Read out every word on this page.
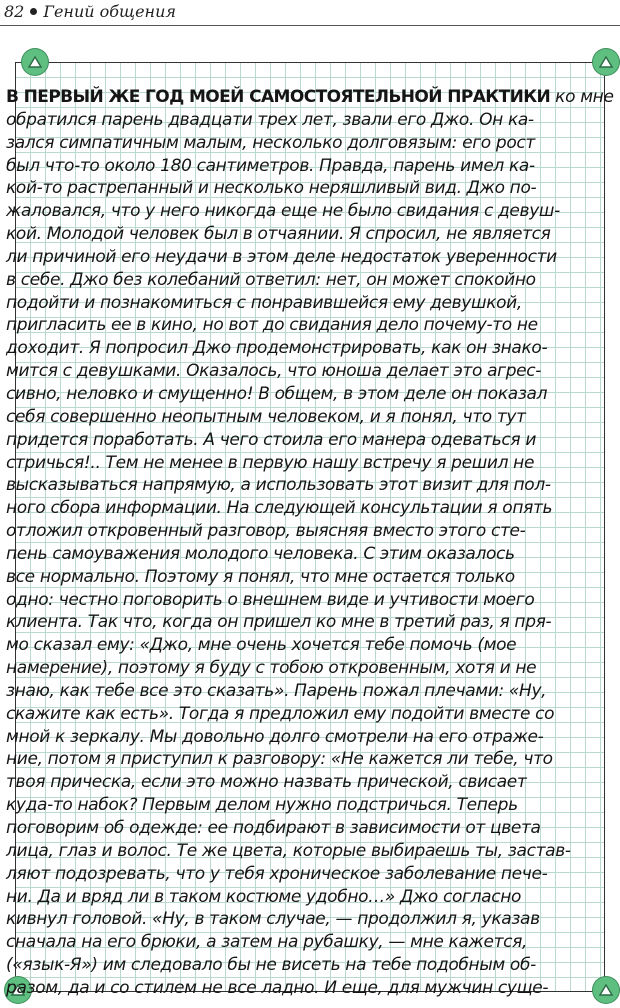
82 Гений общения
В ПЕРВЫЙ ЖЕ ГОД МОЕЙ САМОСТОЯТЕЛЬНОЙ ПРАКТИКИ ко мне
обратился парень двадцати трех лет, звали его Джо. Он ка-
зался симпатичным малым, несколько долговязым: его рост
был что-то около 180 сантиметров. Правда, парень имел ка-
кой-то растрепанный и несколько неряшливый вид. Джо по-
жаловался, что у него никогда еще не было свидания с девуш-
кой. Молодой человек был в отчаянии. Я спросил, не является
ли причиной его неудачи в этом деле недостаток уверенности
в себе. Джо без колебаний ответил: нет, он может спокойно
подойти и познакомиться с понравившейся ему девушкой,
пригласить ее в кино, но вот до свидания дело почему-то не
доходит. Я попросил Джо продемонстрировать, как он знако-
мится с девушками. Оказалось, что юноша делает это агрес-
сивно, неловко и смущенно! В общем, в этом деле он показал
себя совершенно неопытным человеком, и я понял, что тут
придется поработать. А чего стоила его манера одеваться и
стричься!.. Тем не менее в первую нашу встречу я решил не
высказываться напрямую, а использовать этот визит для пол-
ного сбора информации. На следующей консультации я опять
отложил откровенный разговор, выясняя вместо этого сте-
пень самоуважения молодого человека. С этим оказалось
все нормально. Поэтому я понял, что мне остается только
одно: честно поговорить о внешнем виде и учтивости моего
клиента. Так что, когда он пришел ко мне в третий раз, я пря-
мо сказал ему: «Джо, мне очень хочется тебе помочь (мое
намерение), поэтому я буду с тобою откровенным, хотя и не
знаю, как тебе все это сказать». Парень пожал плечами: «Ну,
скажите как есть». Тогда я предложил ему подойти вместе со
мной к зеркалу. Мы довольно долго смотрели на его отраже-
ние, потом я приступил к разговору: «Не кажется ли тебе, что
твоя прическа, если это можно назвать прической, свисает
куда-то набок? Первым делом нужно подстричься. Теперь
поговорим об одежде: ее подбирают в зависимости от цвета
лица, глаз и волос. Те же цвета, которые выбираешь ты, застав-
ляют подозревать, что у тебя хроническое заболевание пече-
ни. Да и вряд ли в таком костюме удобно…» Джо согласно
кивнул головой. «Ну, в таком случае, — продолжил я, указав
сначала на его брюки, а затем на рубашку, — мне кажется,
(«язык-Я») им следовало бы не висеть на тебе подобным об-
разом, да и со стилем не все ладно. И еще, для мужчин суще-
